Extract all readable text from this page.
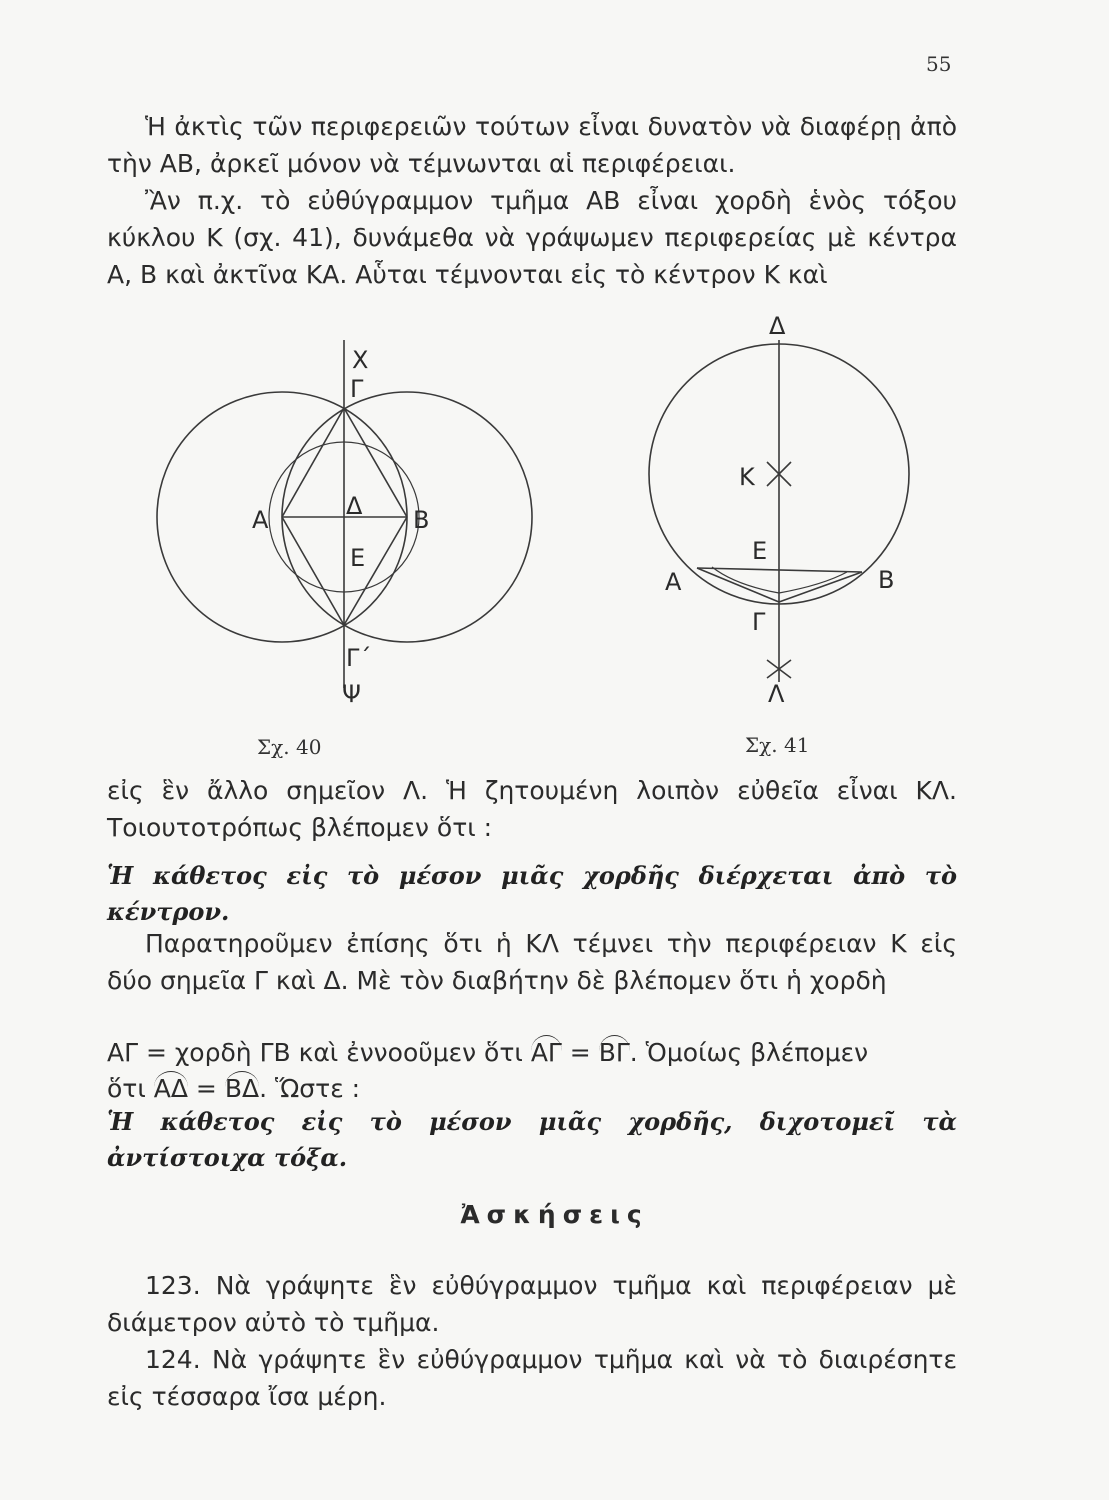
55

Ἡ ἀκτὶς τῶν περιφερειῶν τούτων εἶναι δυνατὸν νὰ διαφέρῃ ἀπὸ τὴν ΑΒ, ἀρκεῖ μόνον νὰ τέμνωνται αἱ περιφέρειαι.

Ἂν π.χ. τὸ εὐθύγραμμον τμῆμα ΑΒ εἶναι χορδὴ ἑνὸς τόξου κύκλου Κ (σχ. 41), δυνάμεθα νὰ γράψωμεν περιφερείας μὲ κέντρα Α, Β καὶ ἀκτῖνα ΚΑ. Αὗται τέμνονται εἰς τὸ κέντρον Κ καὶ

Χ
Γ
Α	Δ Β
Ε
Γ΄
Ψ
Δ
Κ
Ε
Α	Β
Γ
Λ
Σχ. 40	Σχ. 41

εἰς ἓν ἄλλο σημεῖον Λ. Ἡ ζητουμένη λοιπὸν εὐθεῖα εἶναι ΚΛ. Τοιουτοτρόπως βλέπομεν ὅτι :

Ἡ κάθετος εἰς τὸ μέσον μιᾶς χορδῆς διέρχεται ἀπὸ τὸ κέντρον.

Παρατηροῦμεν ἐπίσης ὅτι ἡ ΚΛ τέμνει τὴν περιφέρειαν Κ εἰς δύο σημεῖα Γ καὶ Δ. Μὲ τὸν διαβήτην δὲ βλέπομεν ὅτι ἡ χορδὴ

ΑΓ = χορδὴ ΓΒ καὶ ἐννοοῦμεν ὅτι ΑΓ = ΒΓ. Ὁμοίως βλέπομεν

ὅτι ΑΔ = ΒΔ. Ὥστε :

Ἡ κάθετος εἰς τὸ μέσον μιᾶς χορδῆς, διχοτομεῖ τὰ ἀντίστοιχα τόξα.

Ἀσκήσεις

123. Νὰ γράψητε ἓν εὐθύγραμμον τμῆμα καὶ περιφέρειαν μὲ διάμετρον αὐτὸ τὸ τμῆμα.

124. Νὰ γράψητε ἓν εὐθύγραμμον τμῆμα καὶ νὰ τὸ διαιρέσητε εἰς τέσσαρα ἴσα μέρη.
